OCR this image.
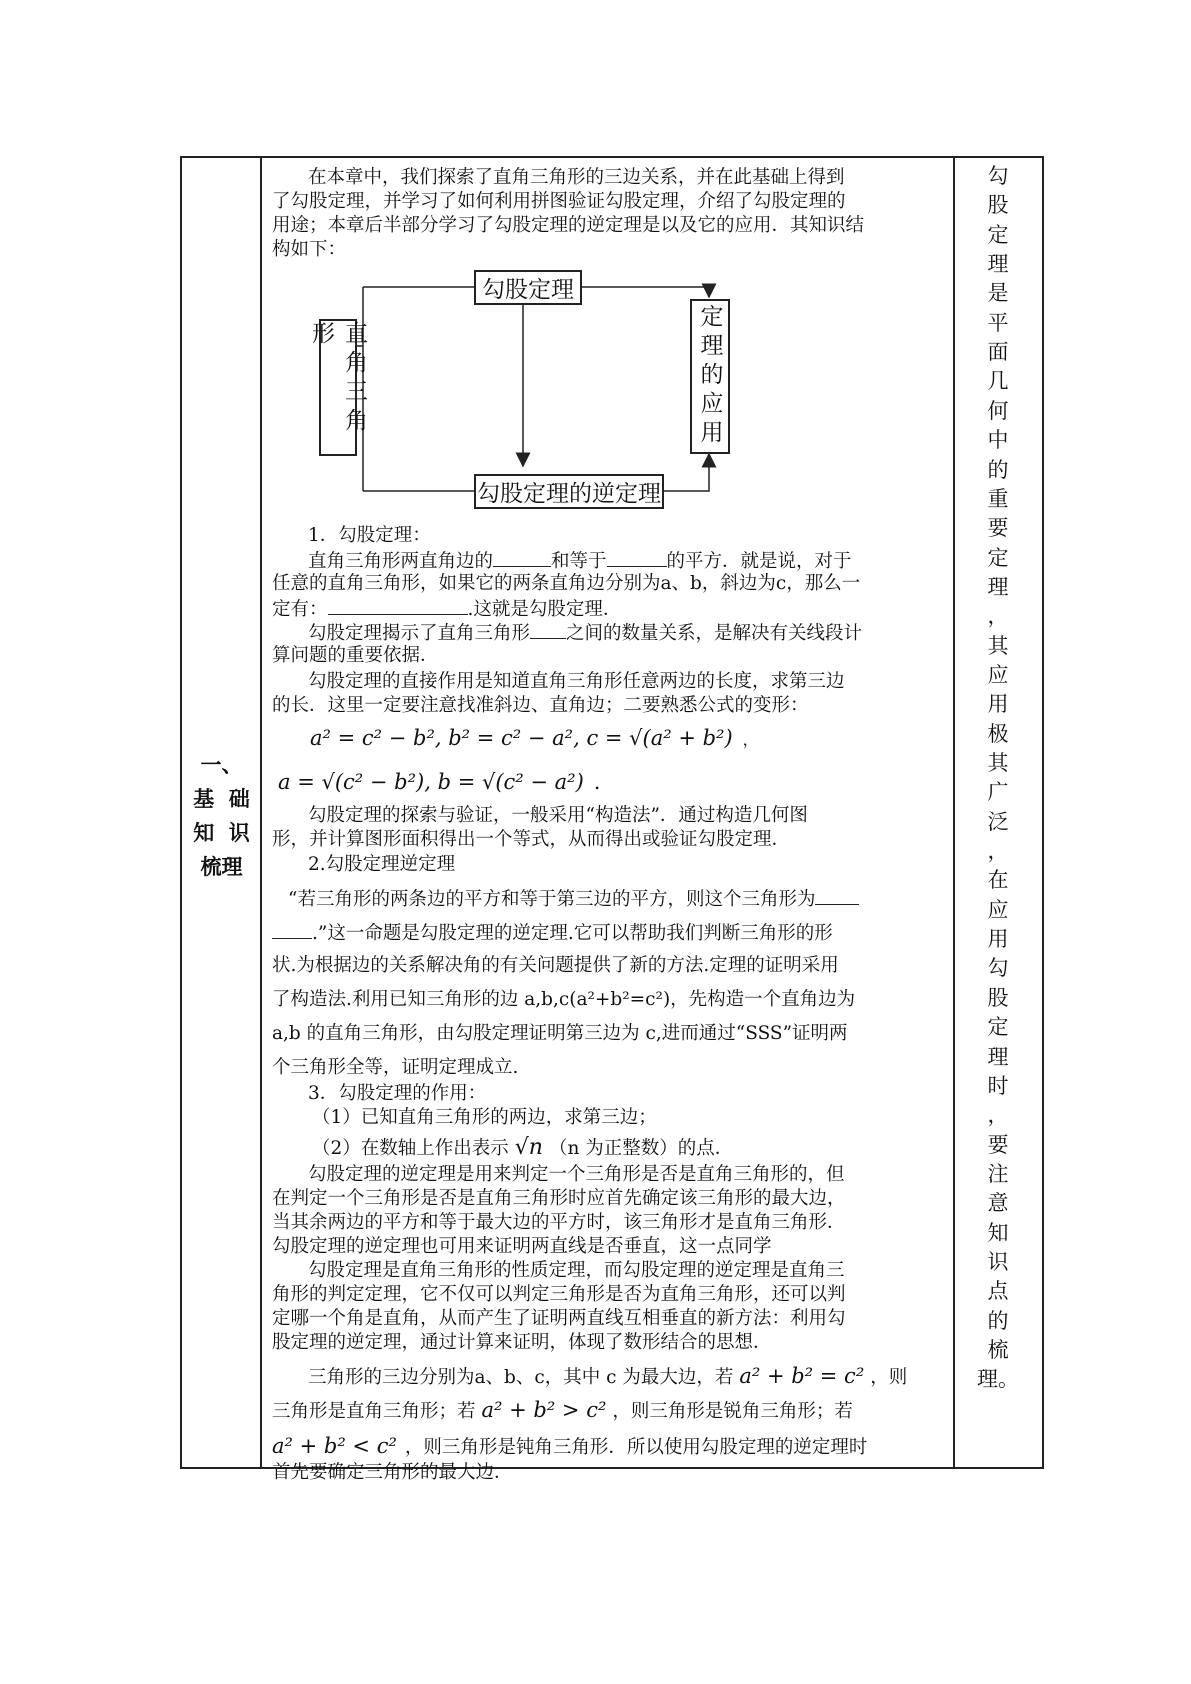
一、
基  础
知  识
梳理
在本章中，我们探索了直角三角形的三边关系，并在此基础上得到
了勾股定理，并学习了如何利用拼图验证勾股定理，介绍了勾股定理的
用途；本章后半部分学习了勾股定理的逆定理是以及它的应用．其知识结
构如下：
直角三角形
勾股定理
勾股定理的逆定理
定理的应用
1．勾股定理：
直角三角形两直角边的	和等于	的平方．就是说，对于
任意的直角三角形，如果它的两条直角边分别为a、b，斜边为c，那么一
定有：	.这就是勾股定理．
勾股定理揭示了直角三角形 之间的数量关系，是解决有关线段计
算问题的重要依据．
勾股定理的直接作用是知道直角三角形任意两边的长度，求第三边
的长．这里一定要注意找准斜边、直角边；二要熟悉公式的变形：
a² = c² − b², b² = c² − a², c = √(a² + b²) ，
a = √(c² − b²), b = √(c² − a²) .
勾股定理的探索与验证，一般采用“构造法”．通过构造几何图
形，并计算图形面积得出一个等式，从而得出或验证勾股定理．
2.勾股定理逆定理
“若三角形的两条边的平方和等于第三边的平方，则这个三角形为
.”这一命题是勾股定理的逆定理.它可以帮助我们判断三角形的形
状.为根据边的关系解决角的有关问题提供了新的方法.定理的证明采用
了构造法.利用已知三角形的边 a,b,c(a²+b²=c²)，先构造一个直角边为
a,b 的直角三角形，由勾股定理证明第三边为 c,进而通过“SSS”证明两
个三角形全等，证明定理成立.
3．勾股定理的作用：
（1）已知直角三角形的两边，求第三边；
（2）在数轴上作出表示 √n （n 为正整数）的点．
勾股定理的逆定理是用来判定一个三角形是否是直角三角形的，但
在判定一个三角形是否是直角三角形时应首先确定该三角形的最大边，
当其余两边的平方和等于最大边的平方时，该三角形才是直角三角形．
勾股定理的逆定理也可用来证明两直线是否垂直，这一点同学
勾股定理是直角三角形的性质定理，而勾股定理的逆定理是直角三
角形的判定定理，它不仅可以判定三角形是否为直角三角形，还可以判
定哪一个角是直角，从而产生了证明两直线互相垂直的新方法：利用勾
股定理的逆定理，通过计算来证明，体现了数形结合的思想．
三角形的三边分别为a、b、c，其中 c 为最大边，若 a² + b² = c² ，则
三角形是直角三角形；若 a² + b² > c² ，则三角形是锐角三角形；若
a² + b² < c² ，则三角形是钝角三角形．所以使用勾股定理的逆定理时
首先要确定三角形的最大边．
勾
股
定
理
是
平
面
几
何
中
的
重
要
定
理
，
其
应
用
极
其
广
泛
，
在
应
用
勾
股
定
理
时
，
要
注
意
知
识
点
的
梳
理。
